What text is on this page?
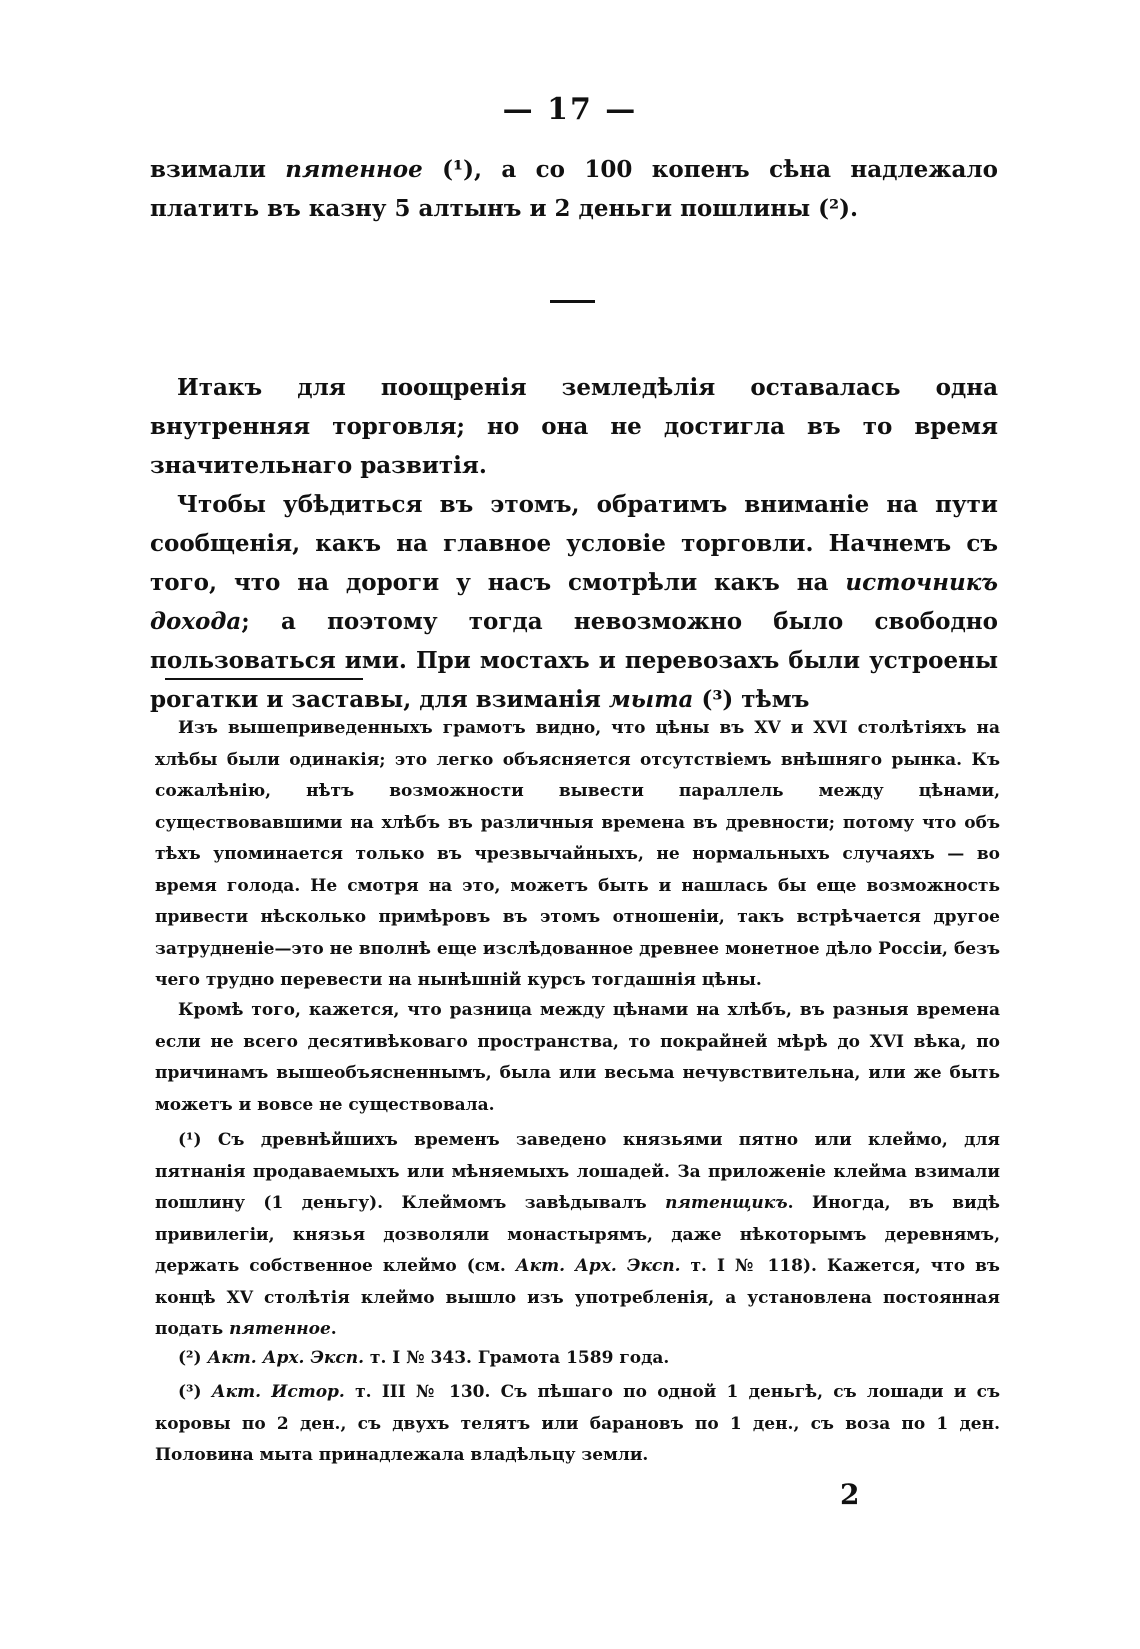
— 17 —
взимали пятенное (¹), а со 100 копенъ сѣна надлежало платить въ казну 5 алтынъ и 2 деньги пошлины (²).
Итакъ для поощренія земледѣлія оставалась одна внутренняя торговля; но она не достигла въ то время значительнаго развитія.
Чтобы убѣдиться въ этомъ, обратимъ вниманіе на пути сообщенія, какъ на главное условіе торговли. Начнемъ съ того, что на дороги у насъ смотрѣли какъ на источникъ дохода; а поэтому тогда невозможно было свободно пользоваться ими. При мостахъ и перевозахъ были устроены рогатки и заставы, для взиманія мыта (³) тѣмъ

Изъ вышеприведенныхъ грамотъ видно, что цѣны въ XV и XVI столѣтіяхъ на хлѣбы были одинакія; это легко объясняется отсутствіемъ внѣшняго рынка. Къ сожалѣнію, нѣтъ возможности вывести параллель между цѣнами, существовавшими на хлѣбъ въ различныя времена въ древности; потому что объ тѣхъ упоминается только въ чрезвычайныхъ, не нормальныхъ случаяхъ — во время голода. Не смотря на это, можетъ быть и нашлась бы еще возможность привести нѣсколько примѣровъ въ этомъ отношеніи, такъ встрѣчается другое затрудненіе—это не вполнѣ еще изслѣдованное древнее монетное дѣло Россіи, безъ чего трудно перевести на нынѣшній курсъ тогдашнія цѣны.

Кромѣ того, кажется, что разница между цѣнами на хлѣбъ, въ разныя времена если не всего десятивѣковаго пространства, то покрайней мѣрѣ до XVI вѣка, по причинамъ вышеобъясненнымъ, была или весьма нечувствительна, или же быть можетъ и вовсе не существовала.

(¹) Съ древнѣйшихъ временъ заведено князьями пятно или клеймо, для пятнанія продаваемыхъ или мѣняемыхъ лошадей. За приложеніе клейма взимали пошлину (1 деньгу). Клеймомъ завѣдывалъ пятенщикъ. Иногда, въ видѣ привилегіи, князья дозволяли монастырямъ, даже нѣкоторымъ деревнямъ, держать собственное клеймо (см. Акт. Арх. Эксп. т. I № 118). Кажется, что въ концѣ XV столѣтія клеймо вышло изъ употребленія, а установлена постоянная подать пятенное.

(²) Акт. Арх. Эксп. т. I № 343. Грамота 1589 года.

(³) Акт. Истор. т. III № 130. Съ пѣшаго по одной 1 деньгѣ, съ лошади и съ коровы по 2 ден., съ двухъ телятъ или барановъ по 1 ден., съ воза по 1 ден. Половина мыта принадлежала владѣльцу земли.

2
